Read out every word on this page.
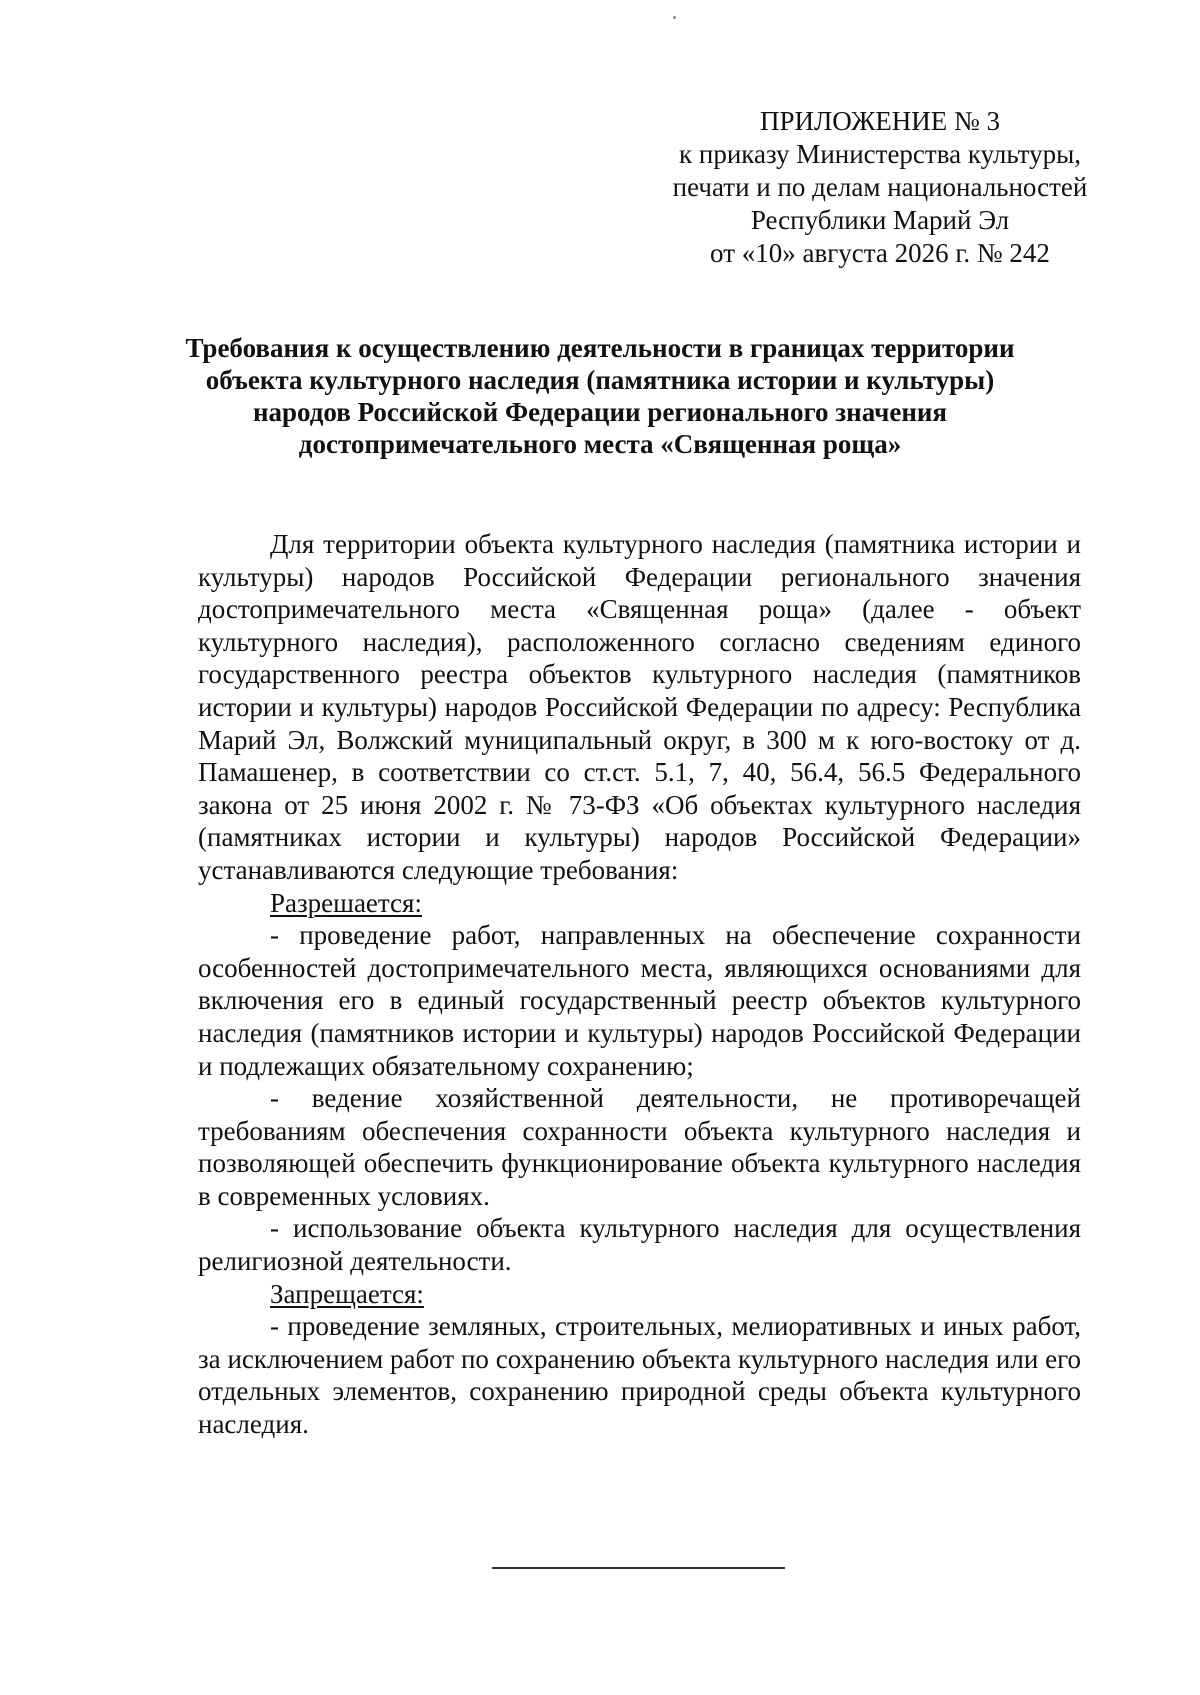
ПРИЛОЖЕНИЕ № 3
к приказу Министерства культуры,
печати и по делам национальностей
Республики Марий Эл
от «10» августа 2026 г. № 242
Требования к осуществлению деятельности в границах территории
объекта культурного наследия (памятника истории и культуры)
народов Российской Федерации регионального значения
достопримечательного места «Священная роща»

Для территории объекта культурного наследия (памятника истории и культуры) народов Российской Федерации регионального значения достопримечательного места «Священная роща» (далее - объект культурного наследия), расположенного согласно сведениям единого государственного реестра объектов культурного наследия (памятников истории и культуры) народов Российской Федерации по адресу: Республика Марий Эл, Волжский муниципальный округ, в 300 м к юго-востоку от д. Памашенер, в соответствии со ст.ст. 5.1, 7, 40, 56.4, 56.5 Федерального закона от 25 июня 2002 г. № 73-ФЗ «Об объектах культурного наследия (памятниках истории и культуры) народов Российской Федерации» устанавливаются следующие требования:

Разрешается:

- проведение работ, направленных на обеспечение сохранности особенностей достопримечательного места, являющихся основаниями для включения его в единый государственный реестр объектов культурного наследия (памятников истории и культуры) народов Российской Федерации и подлежащих обязательному сохранению;

- ведение хозяйственной деятельности, не противоречащей требованиям обеспечения сохранности объекта культурного наследия и позволяющей обеспечить функционирование объекта культурного наследия в современных условиях.

- использование объекта культурного наследия для осуществления религиозной деятельности.

Запрещается:

- проведение земляных, строительных, мелиоративных и иных работ, за исключением работ по сохранению объекта культурного наследия или его отдельных элементов, сохранению природной среды объекта культурного наследия.
